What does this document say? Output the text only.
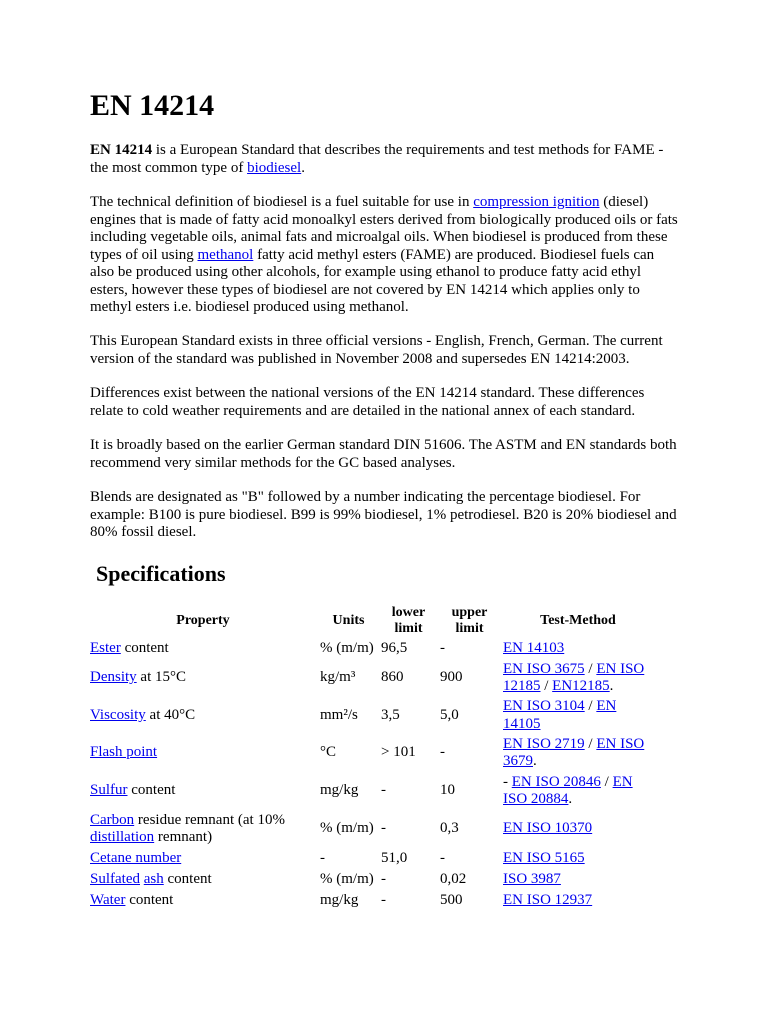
EN 14214

EN 14214 is a European Standard that describes the requirements and test methods for FAME - the most common type of biodiesel.

The technical definition of biodiesel is a fuel suitable for use in compression ignition (diesel) engines that is made of fatty acid monoalkyl esters derived from biologically produced oils or fats including vegetable oils, animal fats and microalgal oils. When biodiesel is produced from these types of oil using methanol fatty acid methyl esters (FAME) are produced. Biodiesel fuels can also be produced using other alcohols, for example using ethanol to produce fatty acid ethyl esters, however these types of biodiesel are not covered by EN 14214 which applies only to methyl esters i.e. biodiesel produced using methanol.

This European Standard exists in three official versions - English, French, German. The current version of the standard was published in November 2008 and supersedes EN 14214:2003.

Differences exist between the national versions of the EN 14214 standard. These differences relate to cold weather requirements and are detailed in the national annex of each standard.

It is broadly based on the earlier German standard DIN 51606. The ASTM and EN standards both recommend very similar methods for the GC based analyses.

Blends are designated as "B" followed by a number indicating the percentage biodiesel. For example: B100 is pure biodiesel. B99 is 99% biodiesel, 1% petrodiesel. B20 is 20% biodiesel and 80% fossil diesel.

Specifications
Property	Units	lower limit	upper limit	Test-Method
Ester content	% (m/m)	96,5	-	EN 14103
Density at 15°C	kg/m³	860	900	EN ISO 3675 / EN ISO 12185 / EN12185.
Viscosity at 40°C	mm²/s	3,5	5,0	EN ISO 3104 / EN 14105
Flash point	°C	> 101	-	EN ISO 2719 / EN ISO 3679.
Sulfur content	mg/kg	-	10	- EN ISO 20846 / EN ISO 20884.
Carbon residue remnant (at 10% distillation remnant)	% (m/m)	-	0,3	EN ISO 10370
Cetane number	-	51,0	-	EN ISO 5165
Sulfated ash content	% (m/m)	-	0,02	ISO 3987
Water content	mg/kg	-	500	EN ISO 12937
